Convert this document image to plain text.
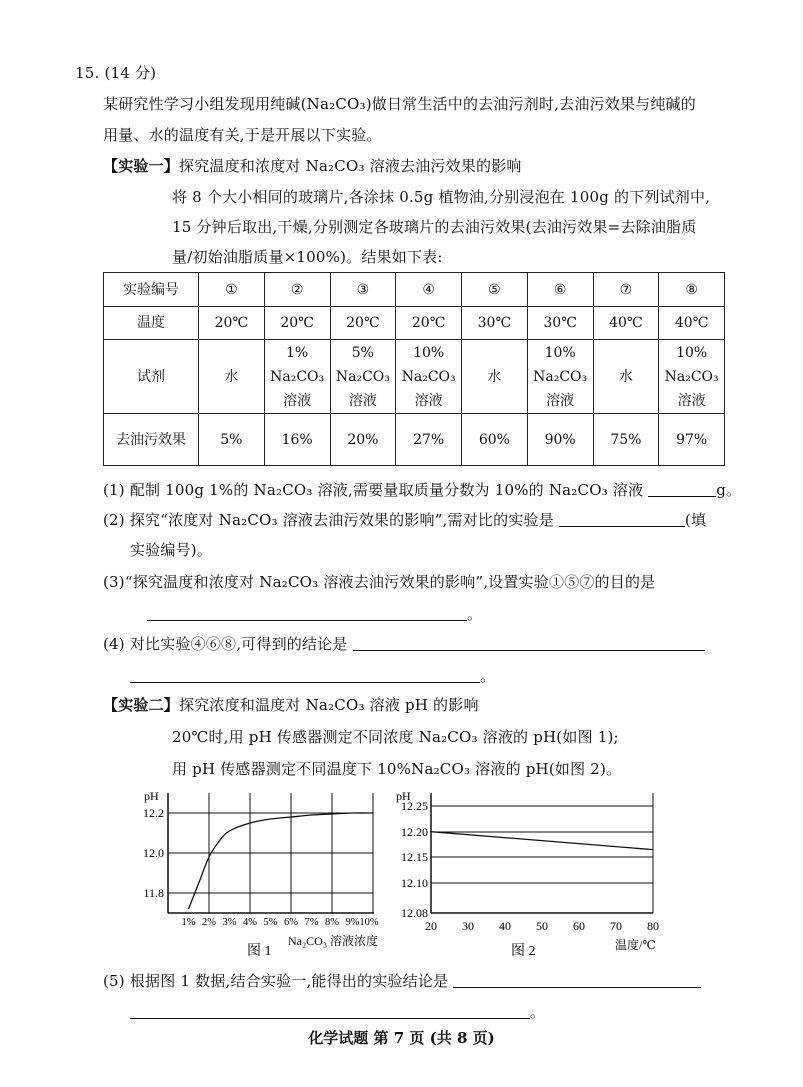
15. (14 分)
某研究性学习小组发现用纯碱(Na₂CO₃)做日常生活中的去油污剂时,去油污效果与纯碱的
用量、水的温度有关,于是开展以下实验。
【实验一】探究温度和浓度对 Na₂CO₃ 溶液去油污效果的影响
将 8 个大小相同的玻璃片,各涂抹 0.5g 植物油,分别浸泡在 100g 的下列试剂中,
15 分钟后取出,干燥,分别测定各玻璃片的去油污效果(去油污效果=去除油脂质
量/初始油脂质量×100%)。结果如下表:
实验编号	①	②	③	④	⑤	⑥	⑦	⑧
温度	20℃	20℃	20℃	20℃	30℃	30℃	40℃	40℃
试剂	水	1%
Na₂CO₃
溶液	5%
Na₂CO₃
溶液	10%
Na₂CO₃
溶液	水	10%
Na₂CO₃
溶液	水	10%
Na₂CO₃
溶液
去油污效果	5%	16%	20%	27%	60%	90%	75%	97%
(1) 配制 100g 1%的 Na₂CO₃ 溶液,需要量取质量分数为 10%的 Na₂CO₃ 溶液	g。
(2) 探究“浓度对 Na₂CO₃ 溶液去油污效果的影响”,需对比的实验是	(填
实验编号)。
(3)“探究温度和浓度对 Na₂CO₃ 溶液去油污效果的影响”,设置实验①⑤⑦的目的是
。
(4) 对比实验④⑥⑧,可得到的结论是
。
【实验二】探究浓度和温度对 Na₂CO₃ 溶液 pH 的影响
20℃时,用 pH 传感器测定不同浓度 Na₂CO₃ 溶液的 pH(如图 1);
用 pH 传感器测定不同温度下 10%Na₂CO₃ 溶液的 pH(如图 2)。
pH
11.8
12.0
12.2
1% 2% 3% 4% 5% 6% 7% 8% 9% 10%
Na₂CO₃ 溶液浓度
图 1
pH
12.25
12.20
12.15
12.10
12.08
20 30 40 50 60 70 80
温度/℃
图 2
(5) 根据图 1 数据,结合实验一,能得出的实验结论是
。
化学试题 第 7 页 (共 8 页)
